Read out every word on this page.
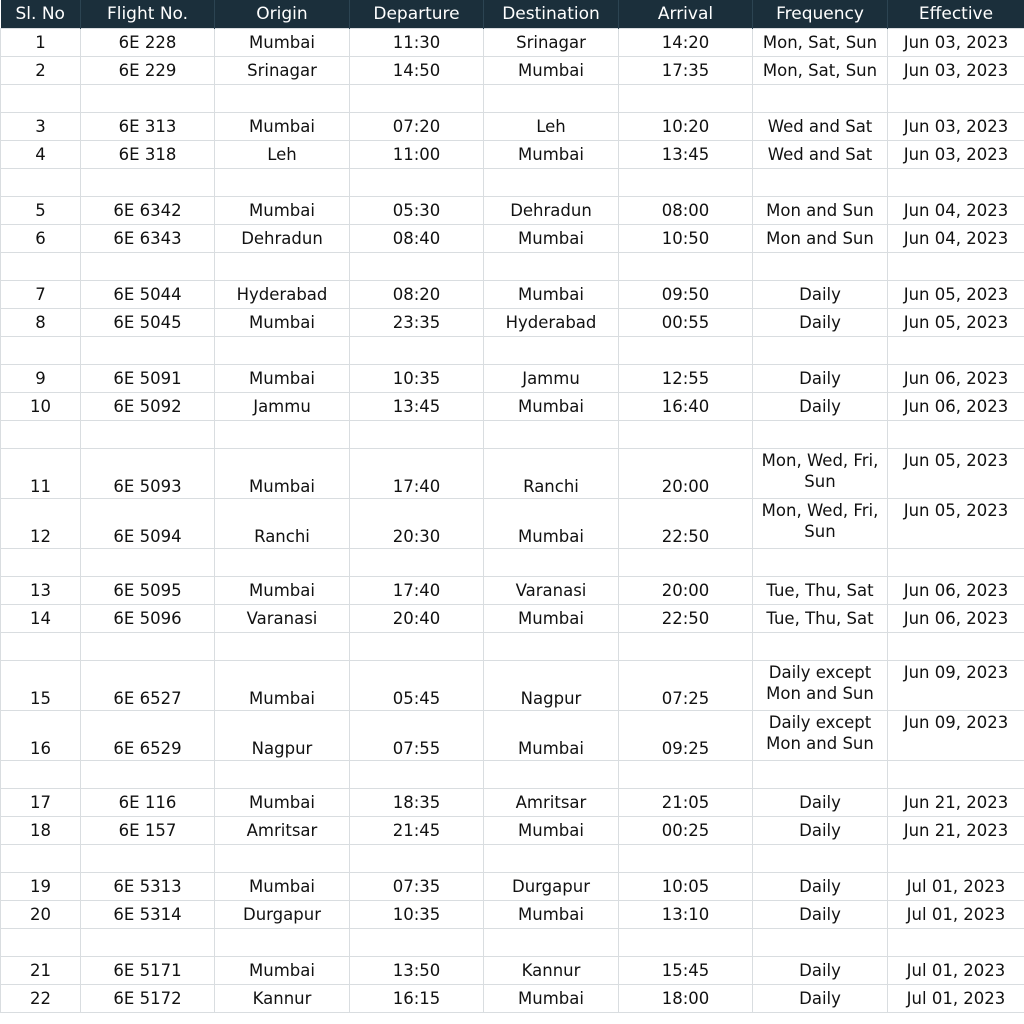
Sl. No	Flight No.	Origin	Departure	Destination	Arrival	Frequency	Effective
1	6E 228	Mumbai	11:30	Srinagar	14:20	Mon, Sat, Sun	Jun 03, 2023
2	6E 229	Srinagar	14:50	Mumbai	17:35	Mon, Sat, Sun	Jun 03, 2023

3	6E 313	Mumbai	07:20	Leh	10:20	Wed and Sat	Jun 03, 2023
4	6E 318	Leh	11:00	Mumbai	13:45	Wed and Sat	Jun 03, 2023

5	6E 6342	Mumbai	05:30	Dehradun	08:00	Mon and Sun	Jun 04, 2023
6	6E 6343	Dehradun	08:40	Mumbai	10:50	Mon and Sun	Jun 04, 2023

7	6E 5044	Hyderabad	08:20	Mumbai	09:50	Daily	Jun 05, 2023
8	6E 5045	Mumbai	23:35	Hyderabad	00:55	Daily	Jun 05, 2023

9	6E 5091	Mumbai	10:35	Jammu	12:55	Daily	Jun 06, 2023
10	6E 5092	Jammu	13:45	Mumbai	16:40	Daily	Jun 06, 2023

11	6E 5093	Mumbai	17:40	Ranchi	20:00	Mon, Wed, Fri, Sun	Jun 05, 2023
12	6E 5094	Ranchi	20:30	Mumbai	22:50	Mon, Wed, Fri, Sun	Jun 05, 2023

13	6E 5095	Mumbai	17:40	Varanasi	20:00	Tue, Thu, Sat	Jun 06, 2023
14	6E 5096	Varanasi	20:40	Mumbai	22:50	Tue, Thu, Sat	Jun 06, 2023

15	6E 6527	Mumbai	05:45	Nagpur	07:25	Daily except Mon and Sun	Jun 09, 2023
16	6E 6529	Nagpur	07:55	Mumbai	09:25	Daily except Mon and Sun	Jun 09, 2023

17	6E 116	Mumbai	18:35	Amritsar	21:05	Daily	Jun 21, 2023
18	6E 157	Amritsar	21:45	Mumbai	00:25	Daily	Jun 21, 2023

19	6E 5313	Mumbai	07:35	Durgapur	10:05	Daily	Jul 01, 2023
20	6E 5314	Durgapur	10:35	Mumbai	13:10	Daily	Jul 01, 2023

21	6E 5171	Mumbai	13:50	Kannur	15:45	Daily	Jul 01, 2023
22	6E 5172	Kannur	16:15	Mumbai	18:00	Daily	Jul 01, 2023
